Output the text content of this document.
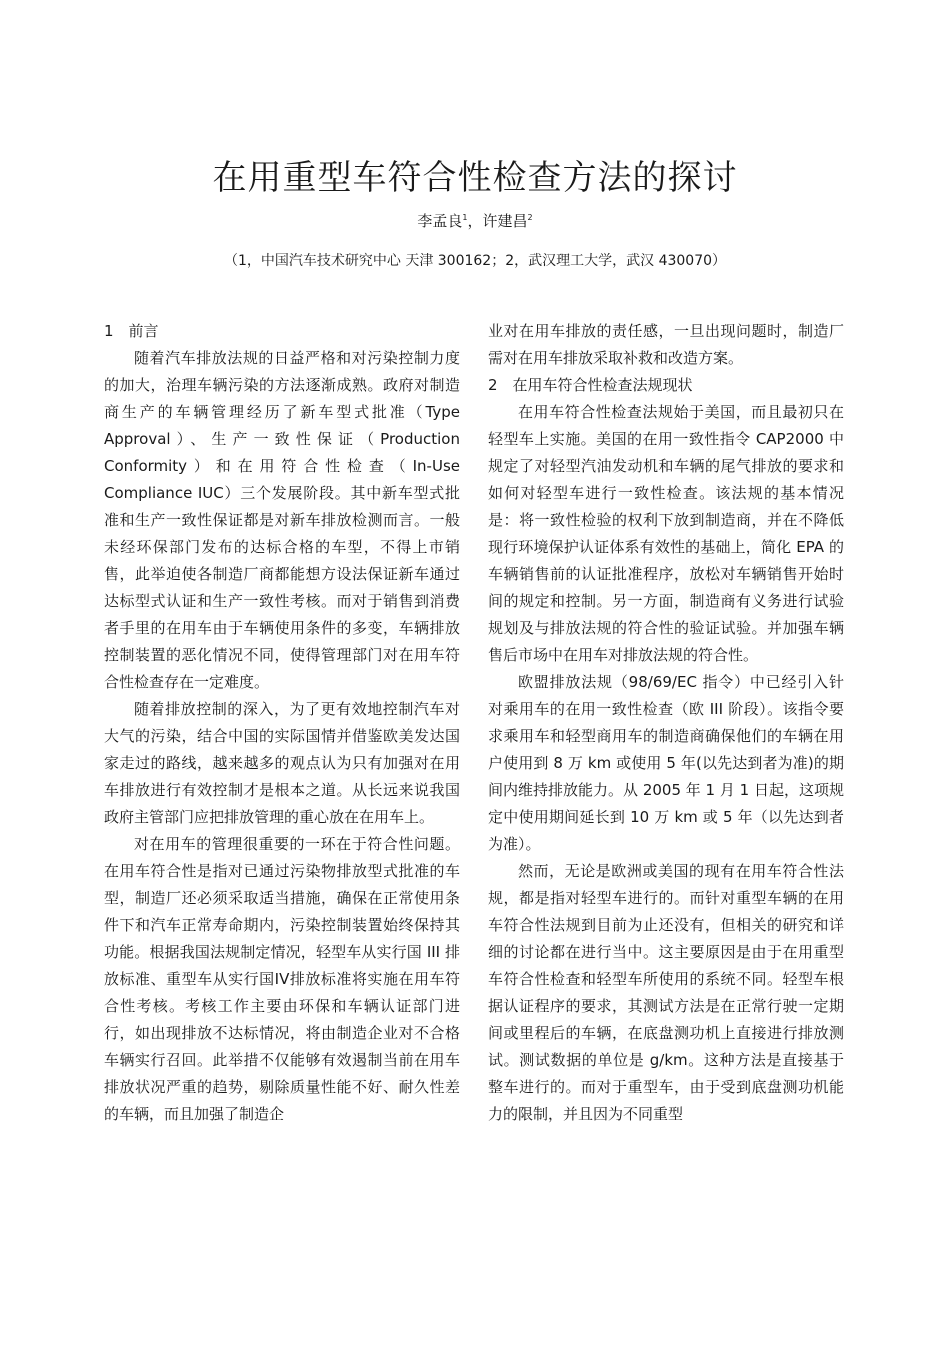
在用重型车符合性检查方法的探讨
李孟良$^1$，许建昌$^2$
（1，中国汽车技术研究中心 天津 300162；2，武汉理工大学，武汉 430070）
1　前言

随着汽车排放法规的日益严格和对污染控制力度的加大，治理车辆污染的方法逐渐成熟。政府对制造商生产的车辆管理经历了新车型式批准（Type Approval）、生产一致性保证（Production Conformity）和在用符合性检查（In-Use Compliance IUC）三个发展阶段。其中新车型式批准和生产一致性保证都是对新车排放检测而言。一般未经环保部门发布的达标合格的车型，不得上市销售，此举迫使各制造厂商都能想方设法保证新车通过达标型式认证和生产一致性考核。而对于销售到消费者手里的在用车由于车辆使用条件的多变，车辆排放控制装置的恶化情况不同，使得管理部门对在用车符合性检查存在一定难度。

随着排放控制的深入，为了更有效地控制汽车对大气的污染，结合中国的实际国情并借鉴欧美发达国家走过的路线，越来越多的观点认为只有加强对在用车排放进行有效控制才是根本之道。从长远来说我国政府主管部门应把排放管理的重心放在在用车上。

对在用车的管理很重要的一环在于符合性问题。在用车符合性是指对已通过污染物排放型式批准的车型，制造厂还必须采取适当措施，确保在正常使用条件下和汽车正常寿命期内，污染控制装置始终保持其功能。根据我国法规制定情况，轻型车从实行国 III 排放标准、重型车从实行国IV排放标准将实施在用车符合性考核。考核工作主要由环保和车辆认证部门进行，如出现排放不达标情况，将由制造企业对不合格车辆实行召回。此举措不仅能够有效遏制当前在用车排放状况严重的趋势，剔除质量性能不好、耐久性差的车辆，而且加强了制造企

业对在用车排放的责任感，一旦出现问题时，制造厂需对在用车排放采取补救和改造方案。

2　在用车符合性检查法规现状

在用车符合性检查法规始于美国，而且最初只在轻型车上实施。美国的在用一致性指令 CAP2000 中规定了对轻型汽油发动机和车辆的尾气排放的要求和如何对轻型车进行一致性检查。该法规的基本情况是：将一致性检验的权利下放到制造商，并在不降低现行环境保护认证体系有效性的基础上，简化 EPA 的车辆销售前的认证批准程序，放松对车辆销售开始时间的规定和控制。另一方面，制造商有义务进行试验规划及与排放法规的符合性的验证试验。并加强车辆售后市场中在用车对排放法规的符合性。

欧盟排放法规（98/69/EC 指令）中已经引入针对乘用车的在用一致性检查（欧 III 阶段）。该指令要求乘用车和轻型商用车的制造商确保他们的车辆在用户使用到 8 万 km 或使用 5 年(以先达到者为准)的期间内维持排放能力。从 2005 年 1 月 1 日起，这项规定中使用期间延长到 10 万 km 或 5 年（以先达到者为准）。

然而，无论是欧洲或美国的现有在用车符合性法规，都是指对轻型车进行的。而针对重型车辆的在用车符合性法规到目前为止还没有，但相关的研究和详细的讨论都在进行当中。这主要原因是由于在用重型车符合性检查和轻型车所使用的系统不同。轻型车根据认证程序的要求，其测试方法是在正常行驶一定期间或里程后的车辆，在底盘测功机上直接进行排放测试。测试数据的单位是 g/km。这种方法是直接基于整车进行的。而对于重型车，由于受到底盘测功机能力的限制，并且因为不同重型
